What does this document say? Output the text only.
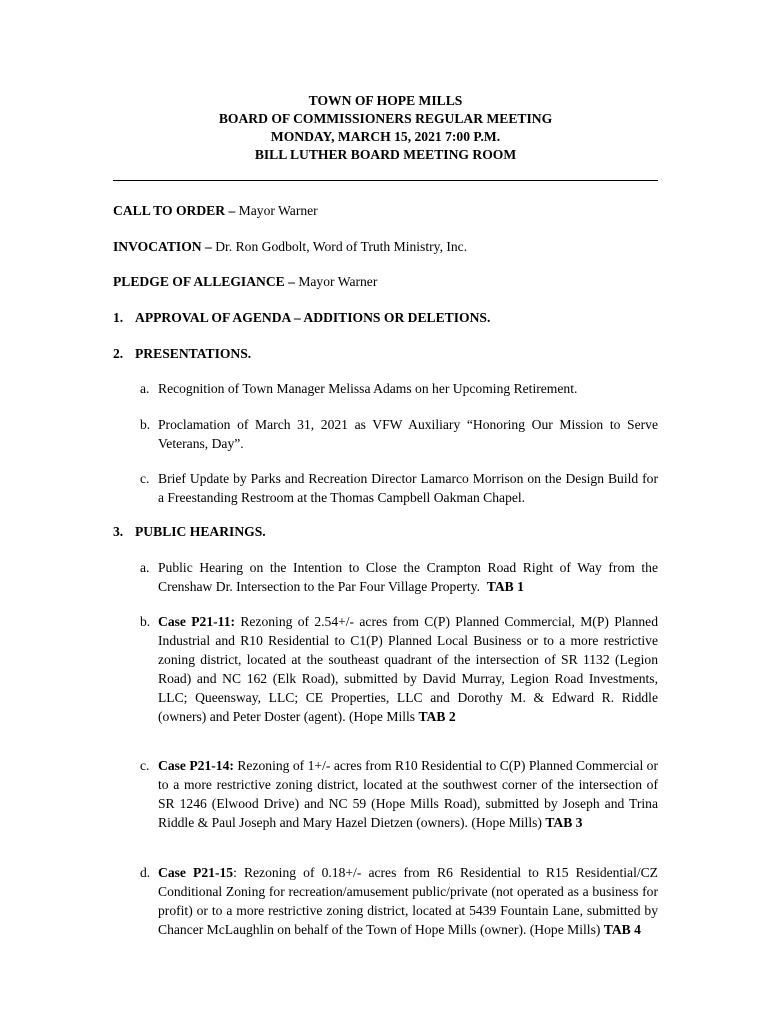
TOWN OF HOPE MILLS
BOARD OF COMMISSIONERS REGULAR MEETING
MONDAY, MARCH 15, 2021 7:00 P.M.
BILL LUTHER BOARD MEETING ROOM
CALL TO ORDER – Mayor Warner
INVOCATION – Dr. Ron Godbolt, Word of Truth Ministry, Inc.
PLEDGE OF ALLEGIANCE – Mayor Warner
1. APPROVAL OF AGENDA – ADDITIONS OR DELETIONS.
2. PRESENTATIONS.
a. Recognition of Town Manager Melissa Adams on her Upcoming Retirement.
b. Proclamation of March 31, 2021 as VFW Auxiliary “Honoring Our Mission to Serve Veterans, Day”.
c. Brief Update by Parks and Recreation Director Lamarco Morrison on the Design Build for a Freestanding Restroom at the Thomas Campbell Oakman Chapel.
3. PUBLIC HEARINGS.
a. Public Hearing on the Intention to Close the Crampton Road Right of Way from the Crenshaw Dr. Intersection to the Par Four Village Property. TAB 1
b. Case P21-11: Rezoning of 2.54+/- acres from C(P) Planned Commercial, M(P) Planned Industrial and R10 Residential to C1(P) Planned Local Business or to a more restrictive zoning district, located at the southeast quadrant of the intersection of SR 1132 (Legion Road) and NC 162 (Elk Road), submitted by David Murray, Legion Road Investments, LLC; Queensway, LLC; CE Properties, LLC and Dorothy M. & Edward R. Riddle (owners) and Peter Doster (agent). (Hope Mills TAB 2
c. Case P21-14: Rezoning of 1+/- acres from R10 Residential to C(P) Planned Commercial or to a more restrictive zoning district, located at the southwest corner of the intersection of SR 1246 (Elwood Drive) and NC 59 (Hope Mills Road), submitted by Joseph and Trina Riddle & Paul Joseph and Mary Hazel Dietzen (owners). (Hope Mills) TAB 3
d. Case P21-15: Rezoning of 0.18+/- acres from R6 Residential to R15 Residential/CZ Conditional Zoning for recreation/amusement public/private (not operated as a business for profit) or to a more restrictive zoning district, located at 5439 Fountain Lane, submitted by Chancer McLaughlin on behalf of the Town of Hope Mills (owner). (Hope Mills) TAB 4
